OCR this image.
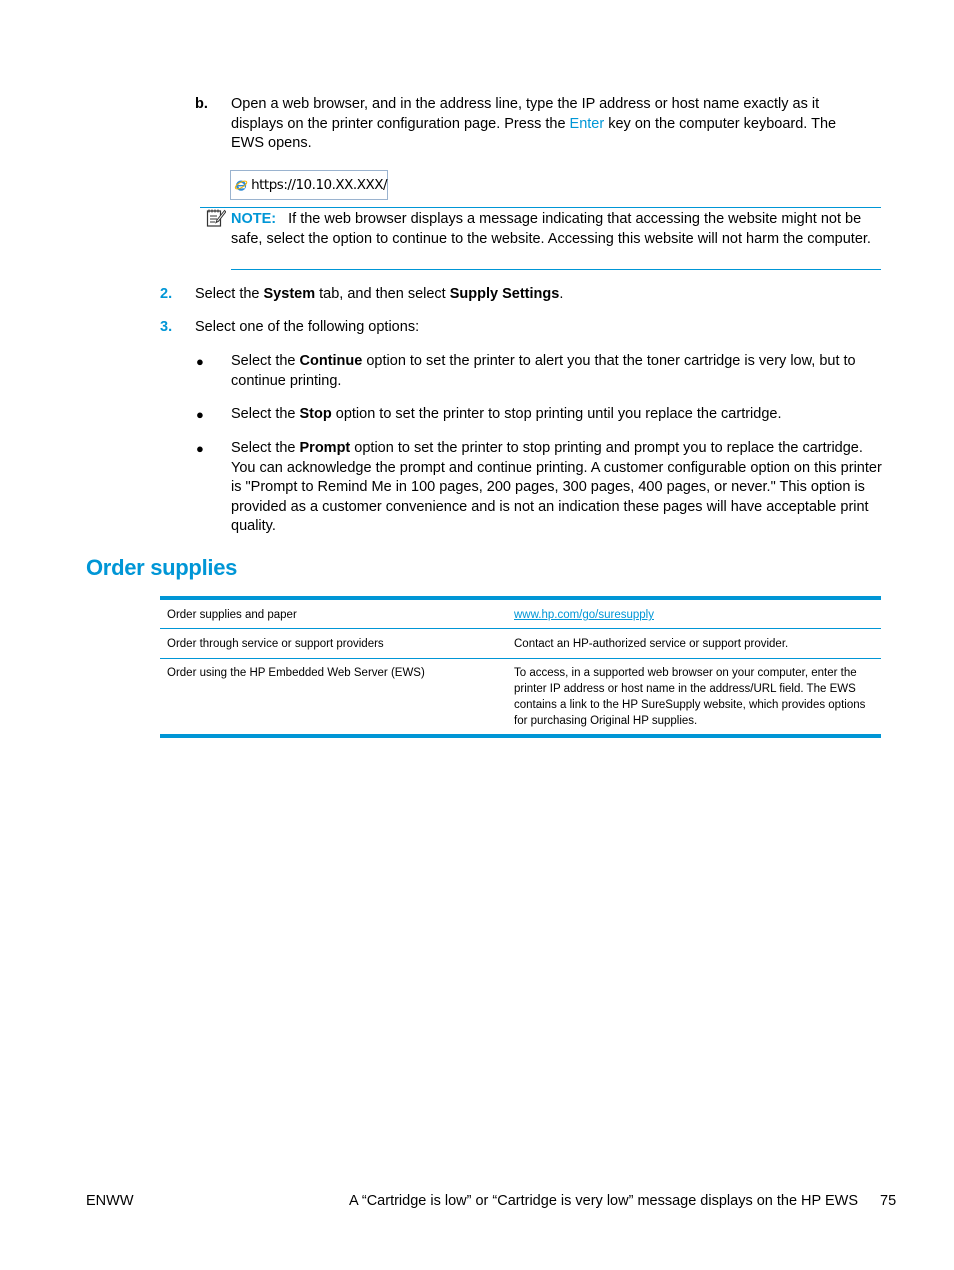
b. Open a web browser, and in the address line, type the IP address or host name exactly as it displays on the printer configuration page. Press the Enter key on the computer keyboard. The EWS opens.
https://10.10.XX.XXX/
NOTE: If the web browser displays a message indicating that accessing the website might not be safe, select the option to continue to the website. Accessing this website will not harm the computer.
2. Select the System tab, and then select Supply Settings.
3. Select one of the following options:
● Select the Continue option to set the printer to alert you that the toner cartridge is very low, but to continue printing.
● Select the Stop option to set the printer to stop printing until you replace the cartridge.
● Select the Prompt option to set the printer to stop printing and prompt you to replace the cartridge. You can acknowledge the prompt and continue printing. A customer configurable option on this printer is "Prompt to Remind Me in 100 pages, 200 pages, 300 pages, 400 pages, or never." This option is provided as a customer convenience and is not an indication these pages will have acceptable print quality.
Order supplies
Order supplies and paper	www.hp.com/go/suresupply
Order through service or support providers	Contact an HP-authorized service or support provider.
Order using the HP Embedded Web Server (EWS)	To access, in a supported web browser on your computer, enter the printer IP address or host name in the address/URL field. The EWS contains a link to the HP SureSupply website, which provides options for purchasing Original HP supplies.
ENWW	A “Cartridge is low” or “Cartridge is very low” message displays on the HP EWS 75
